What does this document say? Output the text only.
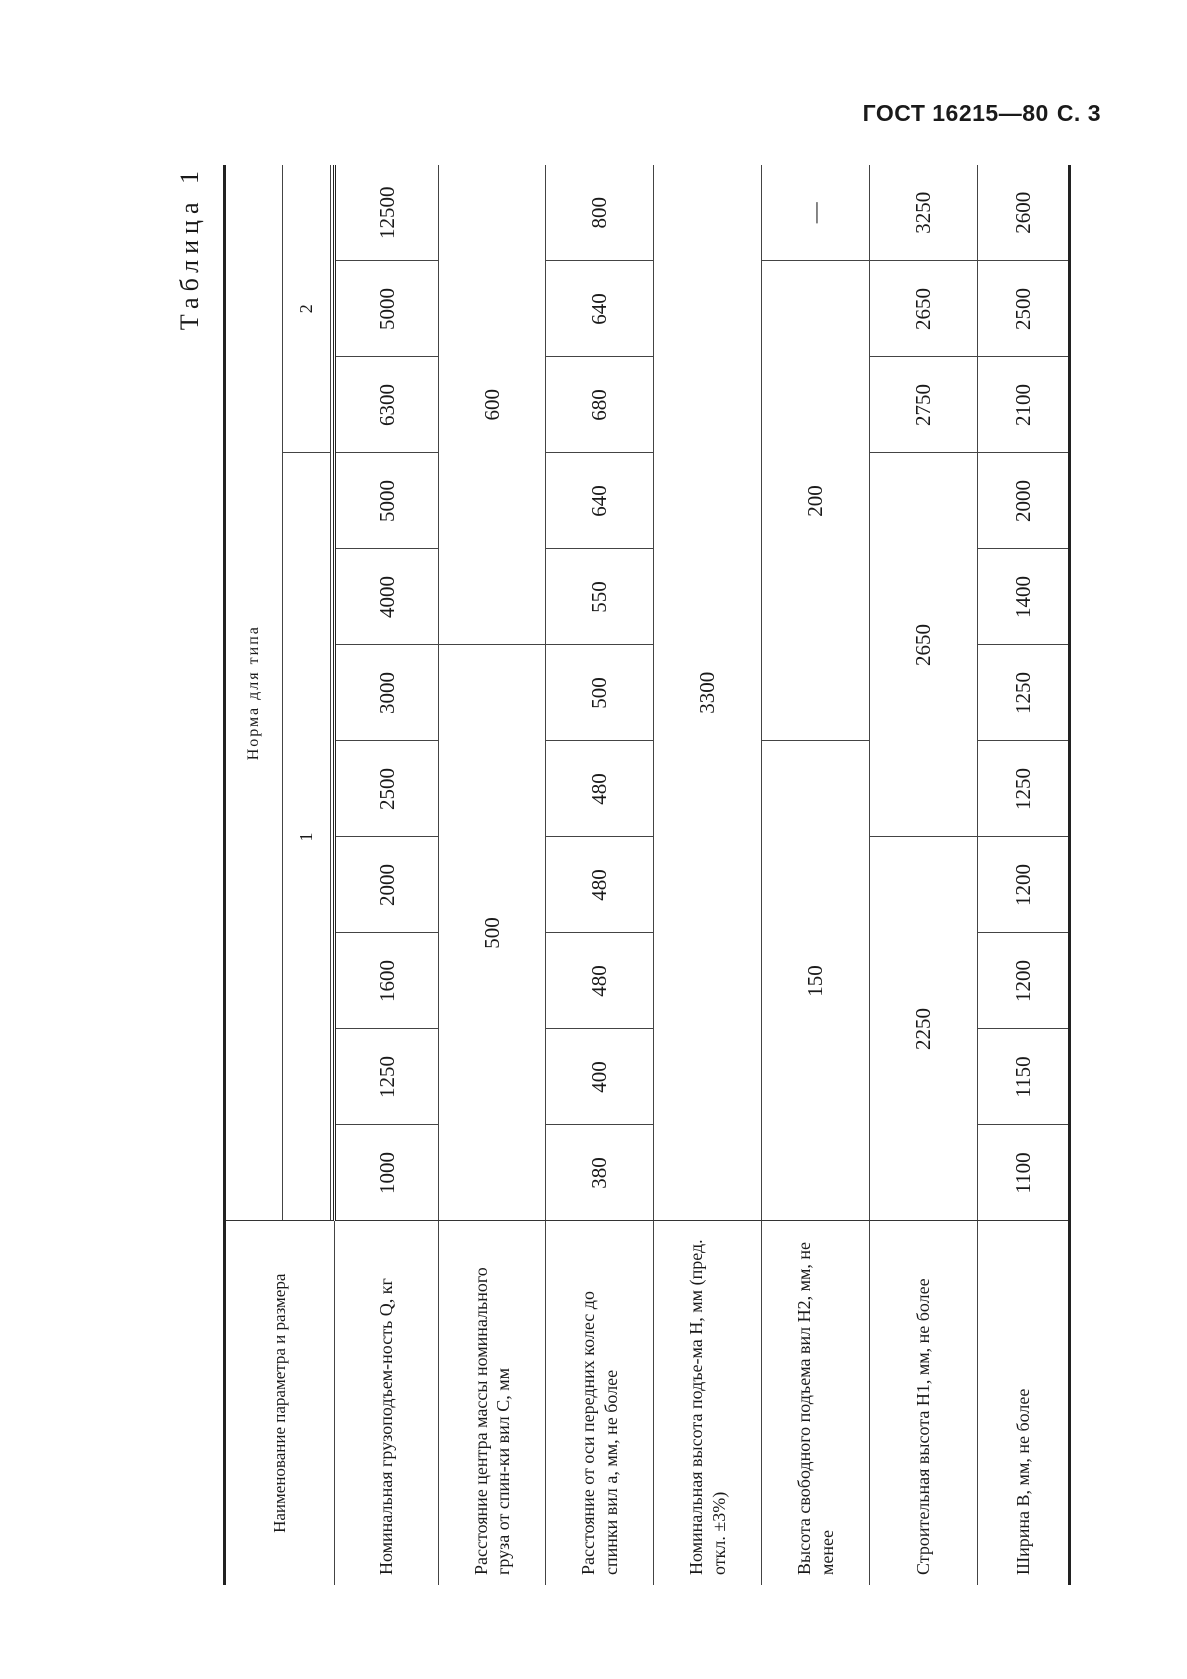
ГОСТ 16215—80 С. 3
Таблица 1
Наименование параметра и размера	Норма для типа										
	1								2		

Номинальная грузоподъем-ность Q, кг	1000	1250	1600	2000	2500	3000	4000	5000	6300	5000	12500
Расстояние центра массы номинального груза от спин-ки вил С, мм	500						600				
Расстояние от оси передних колес до спинки вил a, мм, не более	380	400	480	480	480	500	550	640	680	640	800
Номинальная высота подъе-ма H, мм (пред. откл. ±3%)	3300										
Высота свободного подъема вил H2, мм, не менее	150					200					—
Строительная высота H1, мм, не более	2250				2650				2750	2650	3250
Ширина В, мм, не более	1100	1150	1200	1200	1250	1250	1400	2000	2100	2500	2600
